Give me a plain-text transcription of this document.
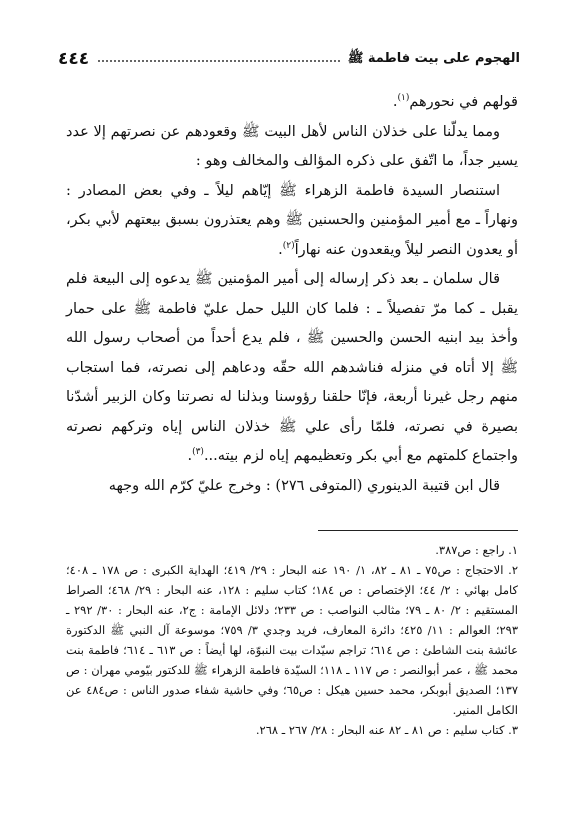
الهجوم على بيت فاطمة ﷺ
٤٤٤

قولهم في نحورهم$^{(١)}$.

ومما يدلّنا على خذلان الناس لأهل البيت ﷺ وقعودهم عن نصرتهم إلا عدد يسير جداً، ما اتّفق على ذكره المؤالف والمخالف وهو :

استنصار السيدة فاطمة الزهراء ﷺ إيّاهم ليلاً ـ وفي بعض المصادر : ونهاراً ـ مع أمير المؤمنين والحسنين ﷺ وهم يعتذرون بسبق بيعتهم لأبي بكر، أو يعدون النصر ليلاً ويقعدون عنه نهاراً$^{(٢)}$.

قال سلمان ـ بعد ذكر إرساله إلى أمير المؤمنين ﷺ يدعوه إلى البيعة فلم يقبل ـ كما مرّ تفصيلاً ـ : فلما كان الليل حمل عليّ فاطمة ﷺ على حمار وأخذ بيد ابنيه الحسن والحسين ﷺ ، فلم يدع أحداً من أصحاب رسول الله ﷺ إلا أتاه في منزله فناشدهم الله حقّه ودعاهم إلى نصرته، فما استجاب منهم رجل غيرنا أربعة، فإنّا حلقنا رؤوسنا وبذلنا له نصرتنا وكان الزبير أشدّنا بصيرة في نصرته، فلمّا رأى علي ﷺ خذلان الناس إياه وتركهم نصرته واجتماع كلمتهم مع أبي بكر وتعظيمهم إياه لزم بيته...$^{(٣)}$.

قال ابن قتيبة الدينوري (المتوفى ٢٧٦) : وخرج عليّ كرّم الله وجهه

١. راجع : ص٣٨٧.

٢. الاحتجاج : ص٧٥ ـ ٨١ ـ ٨٢، ١/ ١٩٠ عنه البحار : ٢٩/ ٤١٩؛ الهداية الكبرى : ص ١٧٨ ـ ٤٠٨؛ كامل بهائي : ٢/ ٤٤؛ الإختصاص : ص ١٨٤؛ كتاب سليم : ١٢٨، عنه البحار : ٢٩/ ٤٦٨؛ الصراط المستقيم : ٢/ ٨٠ ـ ٧٩؛ مثالب النواصب : ص ٢٣٣؛ دلائل الإمامة : ج٢، عنه البحار : ٣٠/ ٢٩٢ ـ ٢٩٣؛ العوالم : ١١/ ٤٢٥؛ دائرة المعارف، فريد وجدي ٣/ ٧٥٩؛ موسوعة آل النبي ﷺ الدكتورة عائشة بنت الشاطئ : ص ٦١٤؛ تراجم سيّدات بيت النبوّة، لها أيضاً : ص ٦١٣ ـ ٦١٤؛ فاطمة بنت محمد ﷺ ، عمر أبوالنصر : ص ١١٧ ـ ١١٨؛ السيّدة فاطمة الزهراء ﷺ للدكتور بيّومي مهران : ص ١٣٧؛ الصديق أبوبكر، محمد حسين هيكل : ص٦٥؛ وفي حاشية شفاء صدور الناس : ص٤٨٤ عن الكامل المنير.

٣. كتاب سليم : ص ٨١ ـ ٨٢ عنه البحار : ٢٨/ ٢٦٧ ـ ٢٦٨.
